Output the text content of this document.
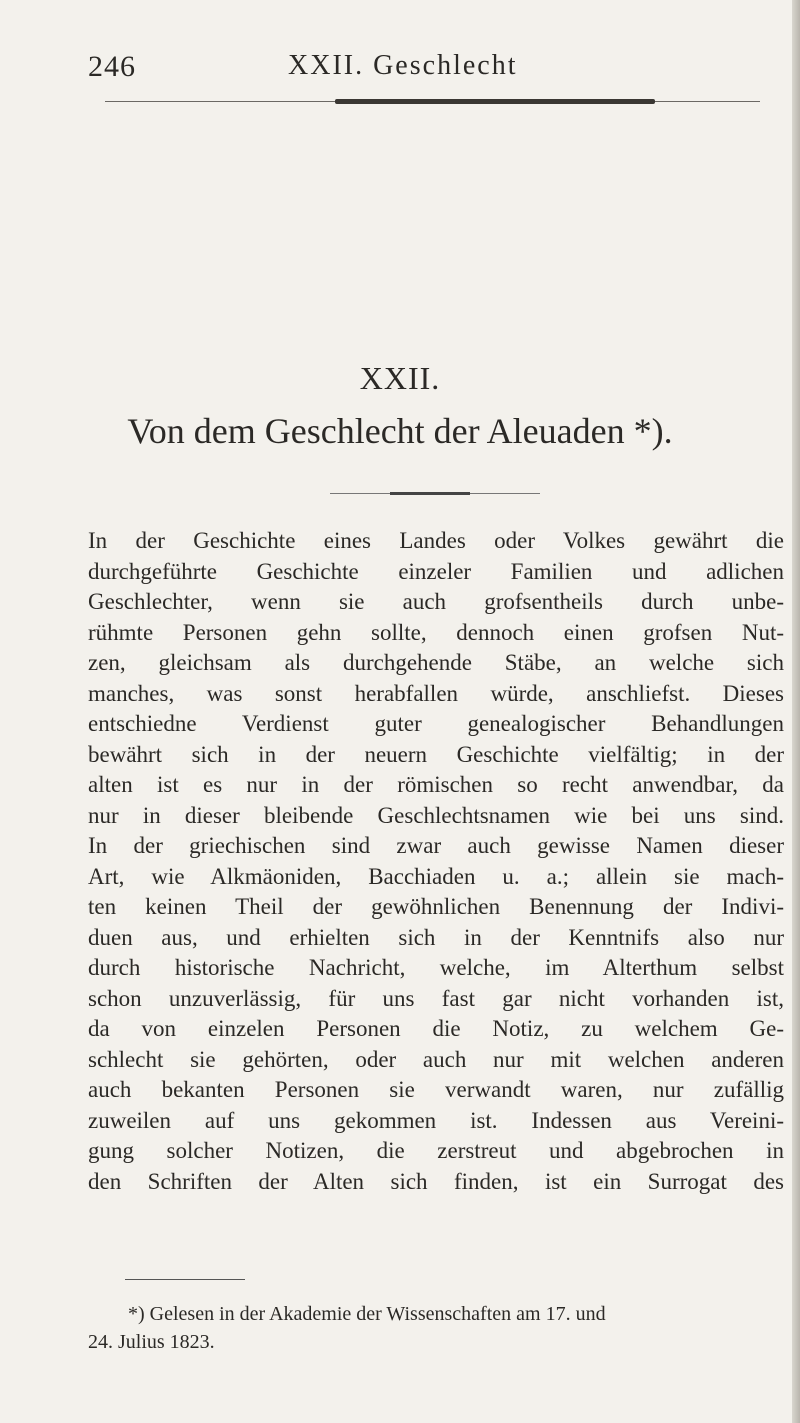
246	XXII. Geschlecht
XXII.
Von dem Geschlecht der Aleuaden *).
In der Geschichte eines Landes oder Volkes gewährt die
durchgeführte Geschichte einzeler Familien und adlichen
Geschlechter, wenn sie auch grofsentheils durch unbe-
rühmte Personen gehn sollte, dennoch einen grofsen Nut-
zen, gleichsam als durchgehende Stäbe, an welche sich
manches, was sonst herabfallen würde, anschliefst. Dieses
entschiedne Verdienst guter genealogischer Behandlungen
bewährt sich in der neuern Geschichte vielfältig; in der
alten ist es nur in der römischen so recht anwendbar, da
nur in dieser bleibende Geschlechtsnamen wie bei uns sind.
In der griechischen sind zwar auch gewisse Namen dieser
Art, wie Alkmäoniden, Bacchiaden u. a.; allein sie mach-
ten keinen Theil der gewöhnlichen Benennung der Indivi-
duen aus, und erhielten sich in der Kenntnifs also nur
durch historische Nachricht, welche, im Alterthum selbst
schon unzuverlässig, für uns fast gar nicht vorhanden ist,
da von einzelen Personen die Notiz, zu welchem Ge-
schlecht sie gehörten, oder auch nur mit welchen anderen
auch bekanten Personen sie verwandt waren, nur zufällig
zuweilen auf uns gekommen ist. Indessen aus Vereini-
gung solcher Notizen, die zerstreut und abgebrochen in
den Schriften der Alten sich finden, ist ein Surrogat des
*) Gelesen in der Akademie der Wissenschaften am 17. und
24. Julius 1823.
